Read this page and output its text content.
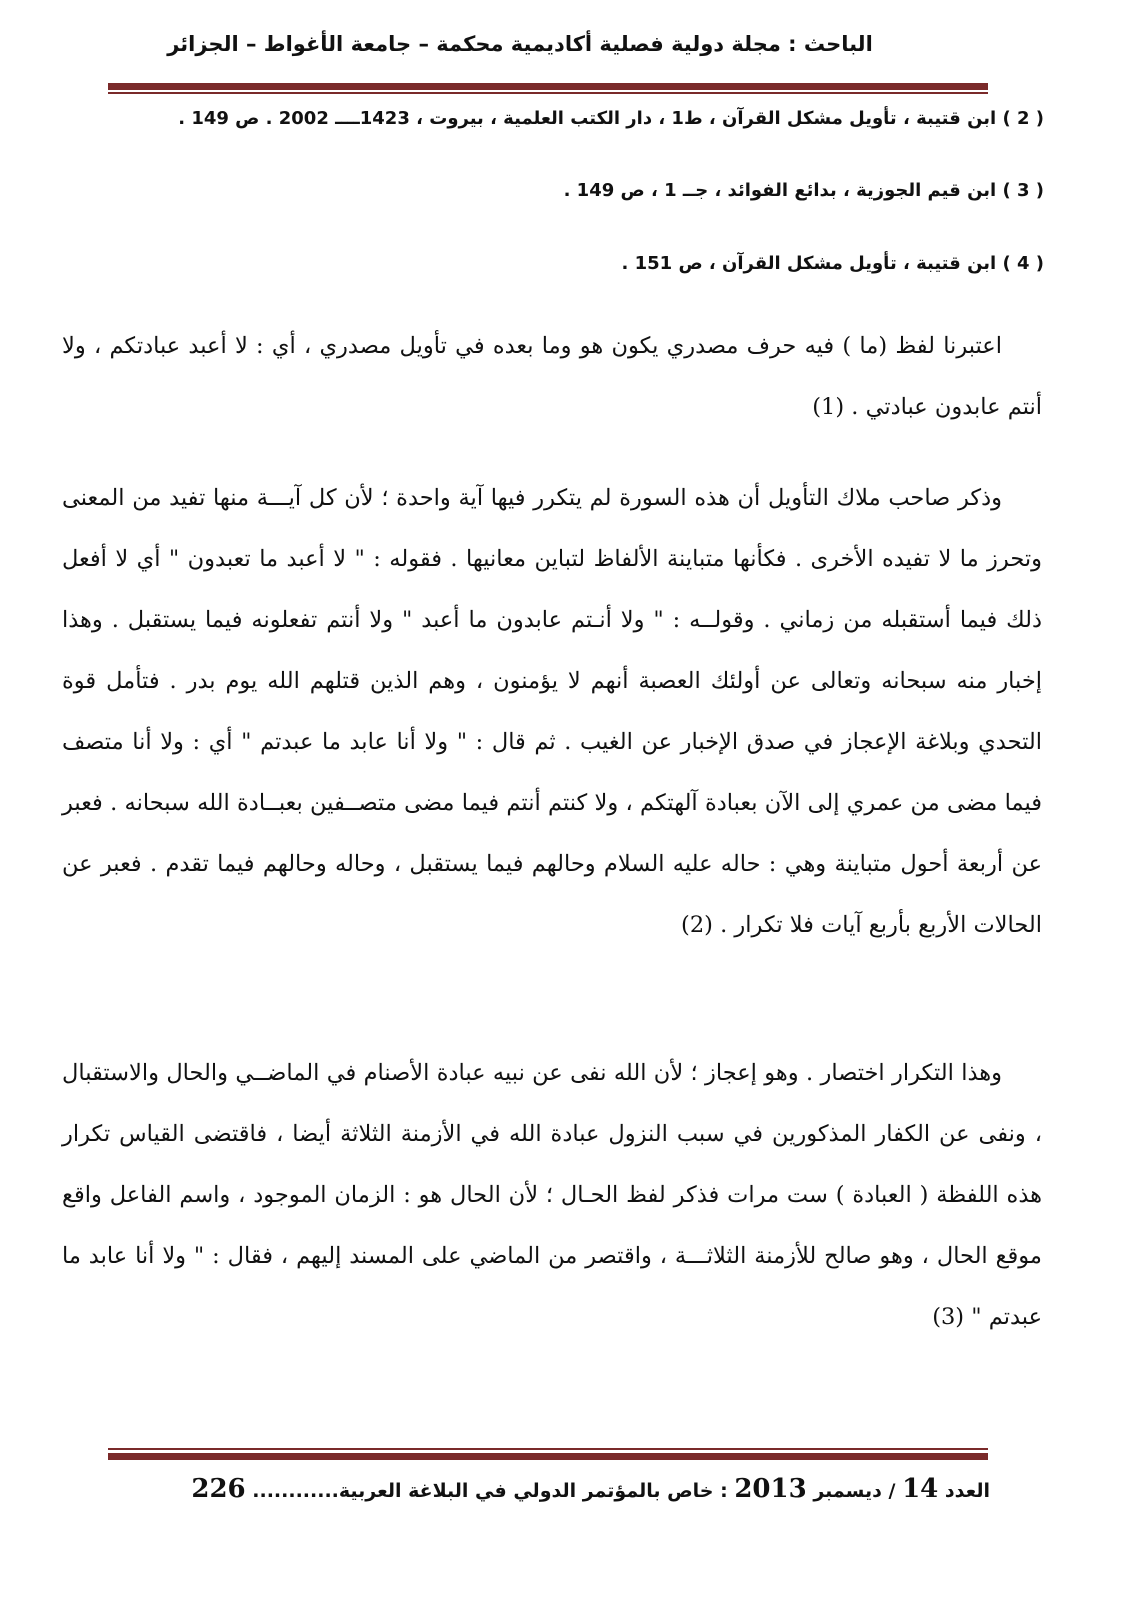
الباحث : مجلة دولية فصلية أكاديمية محكمة – جامعة الأغواط – الجزائر
( 2 ) ابن قتيبة ، تأويل مشكل القرآن ، ط1 ، دار الكتب العلمية ، بيروت ، 1423ــــ 2002 . ص 149 .
( 3 ) ابن قيم الجوزية ، بدائع الفوائد ، جــ 1 ، ص 149 .
( 4 ) ابن قتيبة ، تأويل مشكل القرآن ، ص 151 .
اعتبرنا لفظ (ما ) فيه حرف مصدري يكون هو وما بعده في تأويل مصدري ، أي : لا أعبد عبادتكم ، ولا أنتم عابدون عبادتي . (1)
وذكر صاحب ملاك التأويل أن هذه السورة لم يتكرر فيها آية واحدة ؛ لأن كل آيـــة منها تفيد من المعنى وتحرز ما لا تفيده الأخرى . فكأنها متباينة الألفاظ لتباين معانيها . فقوله : " لا أعبد ما تعبدون " أي لا أفعل ذلك فيما أستقبله من زماني . وقولــه : " ولا أنـتم عابدون ما أعبد " ولا أنتم تفعلونه فيما يستقبل . وهذا إخبار منه سبحانه وتعالى عن أولئك العصبة أنهم لا يؤمنون ، وهم الذين قتلهم الله يوم بدر . فتأمل قوة التحدي وبلاغة الإعجاز في صدق الإخبار عن الغيب . ثم قال : " ولا أنا عابد ما عبدتم " أي : ولا أنا متصف فيما مضى من عمري إلى الآن بعبادة آلهتكم ، ولا كنتم أنتم فيما مضى متصــفين بعبــادة الله سبحانه . فعبر عن أربعة أحول متباينة وهي : حاله عليه السلام وحالهم فيما يستقبل ، وحاله وحالهم فيما تقدم . فعبر عن الحالات الأربع بأربع آيات فلا تكرار . (2)
وهذا التكرار اختصار . وهو إعجاز ؛ لأن الله نفى عن نبيه عبادة الأصنام في الماضــي والحال والاستقبال ، ونفى عن الكفار المذكورين في سبب النزول عبادة الله في الأزمنة الثلاثة أيضا ، فاقتضى القياس تكرار هذه اللفظة ( العبادة ) ست مرات فذكر لفظ الحـال ؛ لأن الحال هو : الزمان الموجود ، واسم الفاعل واقع موقع الحال ، وهو صالح للأزمنة الثلاثـــة ، واقتصر من الماضي على المسند إليهم ، فقال : " ولا أنا عابد ما عبدتم " (3)
العدد 14 / ديسمبر 2013 : خاص بالمؤتمر الدولي في البلاغة العربية............ 226
